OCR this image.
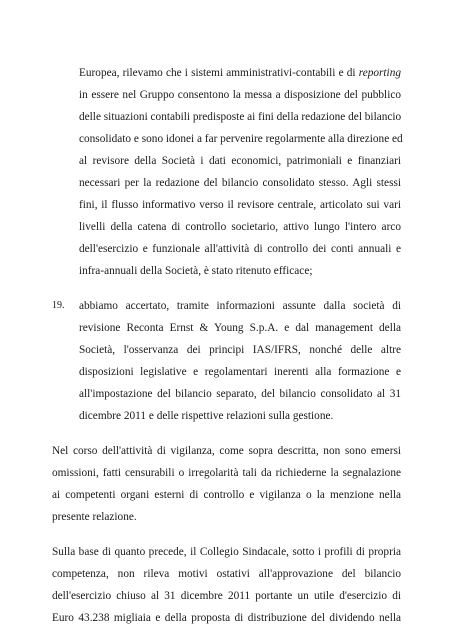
Europea, rilevamo che i sistemi amministrativi-contabili e di reporting
in essere nel Gruppo consentono la messa a disposizione del pubblico
delle situazioni contabili predisposte ai fini della redazione del bilancio
consolidato e sono idonei a far pervenire regolarmente alla direzione ed
al revisore della Società i dati economici, patrimoniali e finanziari
necessari per la redazione del bilancio consolidato stesso. Agli stessi
fini, il flusso informativo verso il revisore centrale, articolato sui vari
livelli della catena di controllo societario, attivo lungo l'intero arco
dell'esercizio e funzionale all'attività di controllo dei conti annuali e
infra-annuali della Società, è stato ritenuto efficace;
19. abbiamo accertato, tramite informazioni assunte dalla società di
revisione Reconta Ernst & Young S.p.A. e dal management della
Società, l'osservanza dei principi IAS/IFRS, nonché delle altre
disposizioni legislative e regolamentari inerenti alla formazione e
all'impostazione del bilancio separato, del bilancio consolidato al 31
dicembre 2011 e delle rispettive relazioni sulla gestione.
Nel corso dell'attività di vigilanza, come sopra descritta, non sono emersi
omissioni, fatti censurabili o irregolarità tali da richiederne la segnalazione
ai competenti organi esterni di controllo e vigilanza o la menzione nella
presente relazione.
Sulla base di quanto precede, il Collegio Sindacale, sotto i profili di propria
competenza, non rileva motivi ostativi all'approvazione del bilancio
dell'esercizio chiuso al 31 dicembre 2011 portante un utile d'esercizio di
Euro 43.238 migliaia e della proposta di distribuzione del dividendo nella
